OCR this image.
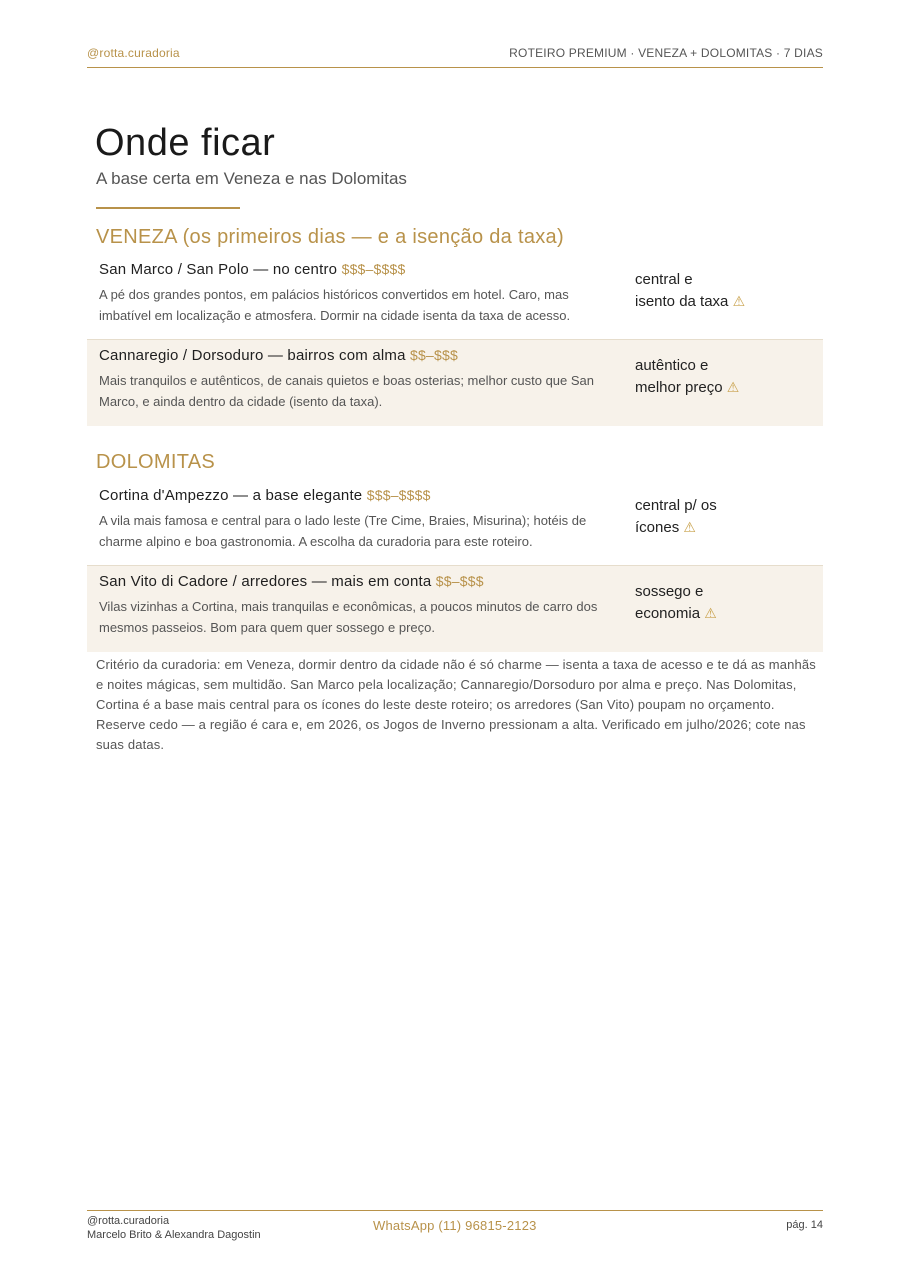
@rotta.curadoria	ROTEIRO PREMIUM · VENEZA + DOLOMITAS · 7 DIAS
Onde ficar
A base certa em Veneza e nas Dolomitas
VENEZA (os primeiros dias — e a isenção da taxa)
San Marco / San Polo — no centro $$$–$$$$
A pé dos grandes pontos, em palácios históricos convertidos em hotel. Caro, mas imbatível em localização e atmosfera. Dormir na cidade isenta da taxa de acesso.
central e
isento da taxa ⚠
Cannaregio / Dorsoduro — bairros com alma $$–$$$
Mais tranquilos e autênticos, de canais quietos e boas osterias; melhor custo que San Marco, e ainda dentro da cidade (isento da taxa).
autêntico e
melhor preço ⚠
DOLOMITAS
Cortina d'Ampezzo — a base elegante $$$–$$$$
A vila mais famosa e central para o lado leste (Tre Cime, Braies, Misurina); hotéis de charme alpino e boa gastronomia. A escolha da curadoria para este roteiro.
central p/ os
ícones ⚠
San Vito di Cadore / arredores — mais em conta $$–$$$
Vilas vizinhas a Cortina, mais tranquilas e econômicas, a poucos minutos de carro dos mesmos passeios. Bom para quem quer sossego e preço.
sossego e
economia ⚠
Critério da curadoria: em Veneza, dormir dentro da cidade não é só charme — isenta a taxa de acesso e te dá as manhãs e noites mágicas, sem multidão. San Marco pela localização; Cannaregio/Dorsoduro por alma e preço. Nas Dolomitas, Cortina é a base mais central para os ícones do leste deste roteiro; os arredores (San Vito) poupam no orçamento. Reserve cedo — a região é cara e, em 2026, os Jogos de Inverno pressionam a alta. Verificado em julho/2026; cote nas suas datas.
@rotta.curadoria
Marcelo Brito & Alexandra Dagostin
WhatsApp (11) 96815-2123	pág. 14
